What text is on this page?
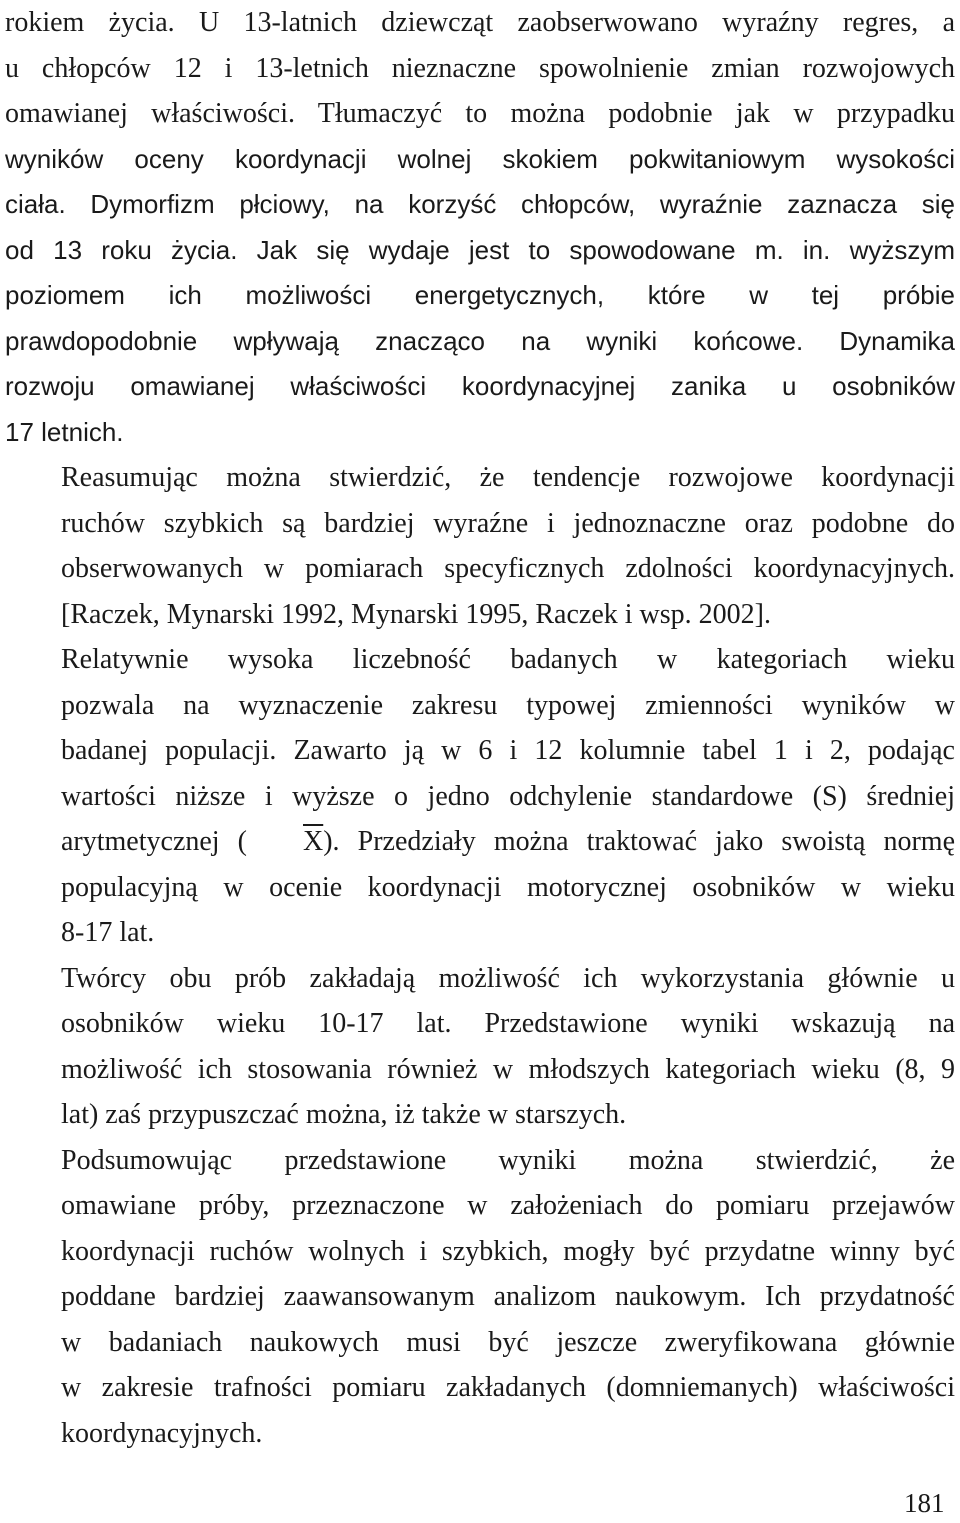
rokiem życia. U 13-latnich dziewcząt zaobserwowano wyraźny regres, a
u chłopców 12 i 13-letnich nieznaczne spowolnienie zmian rozwojowych
omawianej właściwości. Tłumaczyć to można podobnie jak w przypadku
wyników oceny koordynacji wolnej skokiem pokwitaniowym wysokości
ciała. Dymorfizm płciowy, na korzyść chłopców, wyraźnie zaznacza się
od 13 roku życia. Jak się wydaje jest to spowodowane m. in. wyższym
poziomem ich możliwości energetycznych, które w tej próbie
prawdopodobnie wpływają znacząco na wyniki końcowe. Dynamika
rozwoju omawianej właściwości koordynacyjnej zanika u osobników
17 letnich.

Reasumując można stwierdzić, że tendencje rozwojowe koordynacji
ruchów szybkich są bardziej wyraźne i jednoznaczne oraz podobne do
obserwowanych w pomiarach specyficznych zdolności koordynacyjnych.
[Raczek, Mynarski 1992, Mynarski 1995, Raczek i wsp. 2002].

Relatywnie wysoka liczebność badanych w kategoriach wieku
pozwala na wyznaczenie zakresu typowej zmienności wyników w
badanej populacji. Zawarto ją w 6 i 12 kolumnie tabel 1 i 2, podając
wartości niższe i wyższe o jedno odchylenie standardowe (S) średniej
arytmetycznej ( $\overline{X}$). Przedziały można traktować jako swoistą normę
populacyjną w ocenie koordynacji motorycznej osobników w wieku
8-17 lat.

Twórcy obu prób zakładają możliwość ich wykorzystania głównie u
osobników wieku 10-17 lat. Przedstawione wyniki wskazują na
możliwość ich stosowania również w młodszych kategoriach wieku (8, 9
lat) zaś przypuszczać można, iż także w starszych.

Podsumowując przedstawione wyniki można stwierdzić, że
omawiane próby, przeznaczone w założeniach do pomiaru przejawów
koordynacji ruchów wolnych i szybkich, mogły być przydatne winny być
poddane bardziej zaawansowanym analizom naukowym. Ich przydatność
w badaniach naukowych musi być jeszcze zweryfikowana głównie
w zakresie trafności pomiaru zakładanych (domniemanych) właściwości
koordynacyjnych.

181
